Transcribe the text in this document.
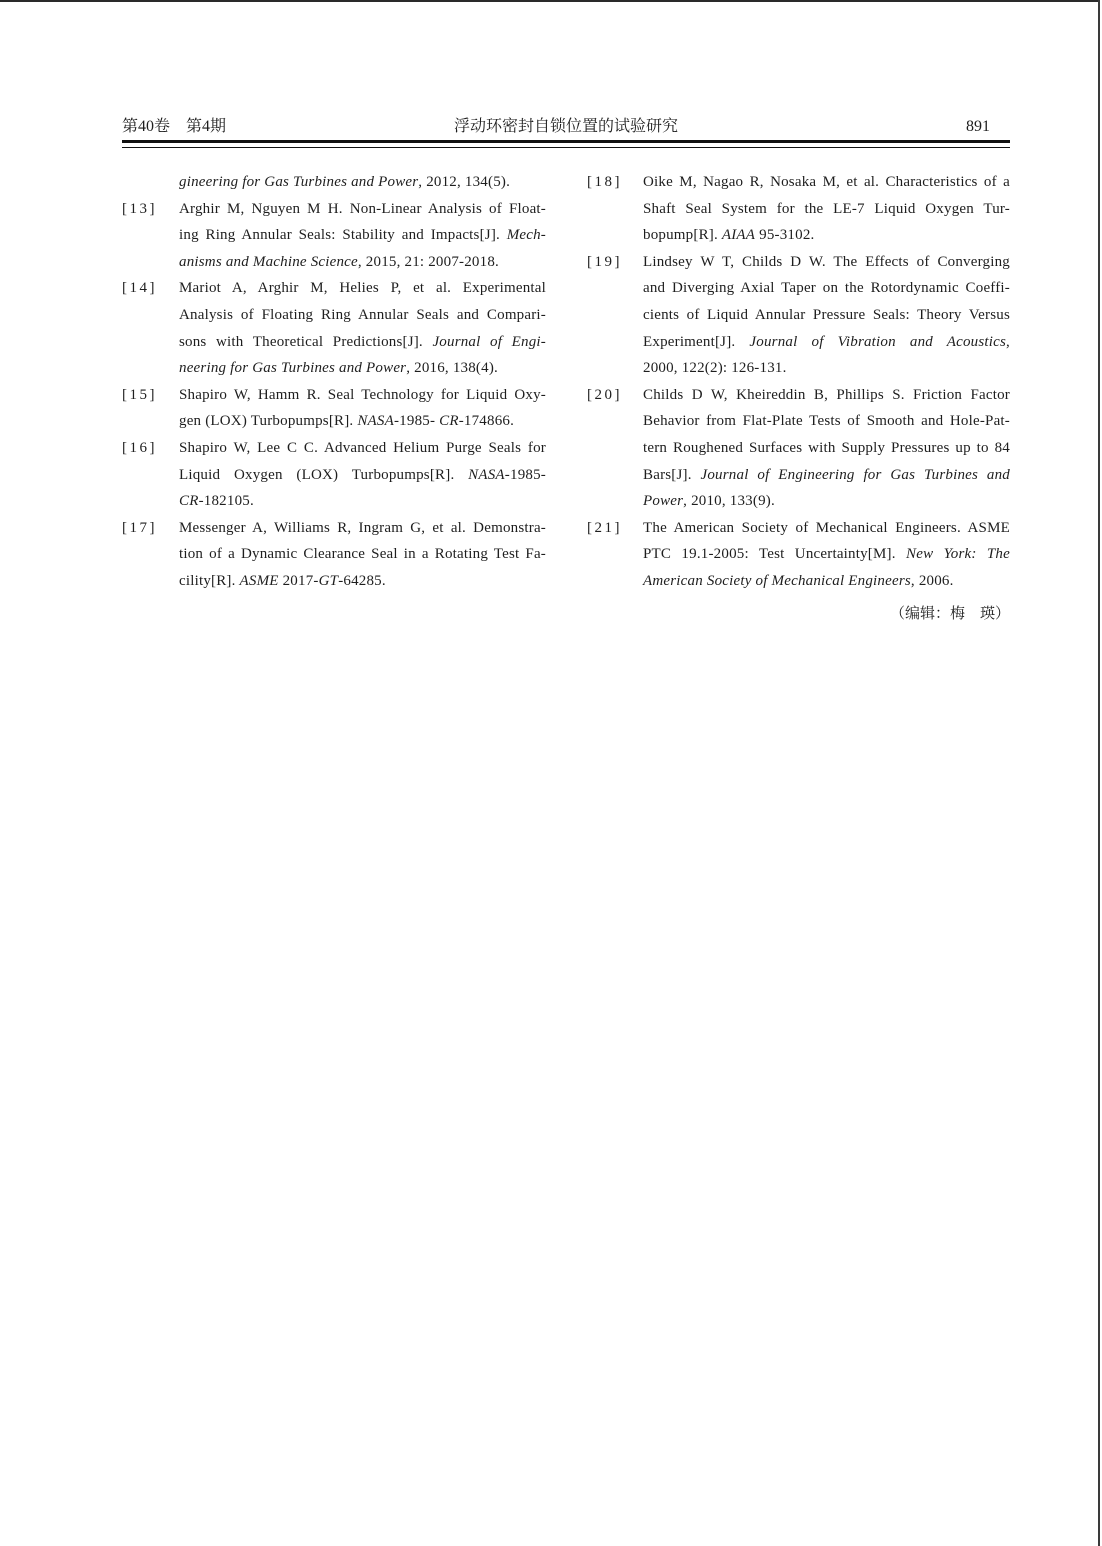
第40卷　第4期	浮动环密封自锁位置的试验研究	891
gineering for Gas Turbines and Power, 2012, 134(5).
[13] Arghir M, Nguyen M H. Non-Linear Analysis of Float-
ing Ring Annular Seals: Stability and Impacts[J]. Mech-
anisms and Machine Science, 2015, 21: 2007-2018.
[14] Mariot A, Arghir M, Helies P, et al. Experimental
Analysis of Floating Ring Annular Seals and Compari-
sons with Theoretical Predictions[J]. Journal of Engi-
neering for Gas Turbines and Power, 2016, 138(4).
[15] Shapiro W, Hamm R. Seal Technology for Liquid Oxy-
gen (LOX) Turbopumps[R]. NASA-1985- CR-174866.
[16] Shapiro W, Lee C C. Advanced Helium Purge Seals for
Liquid Oxygen (LOX) Turbopumps[R]. NASA-1985-
CR-182105.
[17] Messenger A, Williams R, Ingram G, et al. Demonstra-
tion of a Dynamic Clearance Seal in a Rotating Test Fa-
cility[R]. ASME 2017-GT-64285.
[18] Oike M, Nagao R, Nosaka M, et al. Characteristics of a
Shaft Seal System for the LE-7 Liquid Oxygen Tur-
bopump[R]. AIAA 95-3102.
[19] Lindsey W T, Childs D W. The Effects of Converging
and Diverging Axial Taper on the Rotordynamic Coeffi-
cients of Liquid Annular Pressure Seals: Theory Versus
Experiment[J]. Journal of Vibration and Acoustics,
2000, 122(2): 126-131.
[20] Childs D W, Kheireddin B, Phillips S. Friction Factor
Behavior from Flat-Plate Tests of Smooth and Hole-Pat-
tern Roughened Surfaces with Supply Pressures up to 84
Bars[J]. Journal of Engineering for Gas Turbines and
Power, 2010, 133(9).
[21] The American Society of Mechanical Engineers. ASME
PTC 19.1-2005: Test Uncertainty[M]. New York: The
American Society of Mechanical Engineers, 2006.
（编辑：梅　瑛）
